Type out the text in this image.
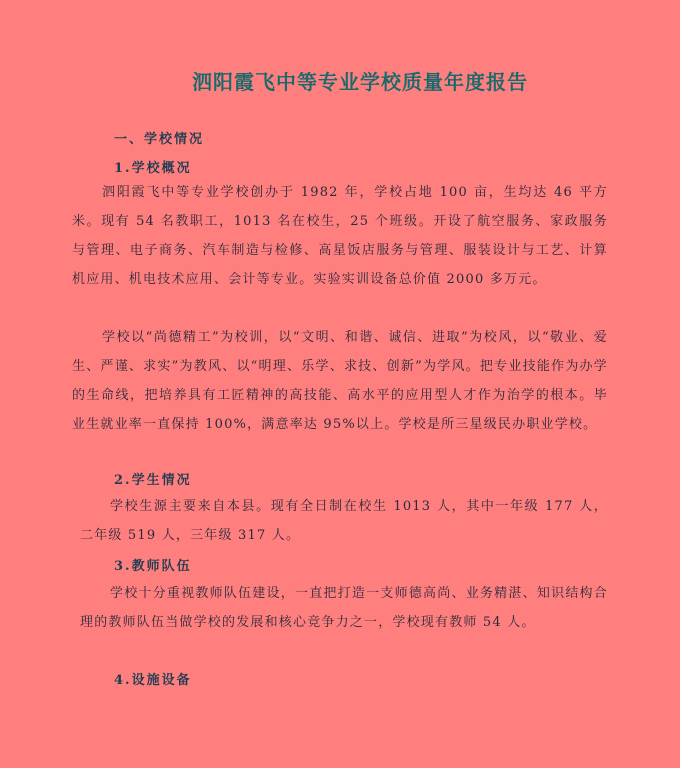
泗阳霞飞中等专业学校质量年度报告
一、学校情况
1.学校概况

泗阳霞飞中等专业学校创办于 1982 年，学校占地 100 亩，生均达 46 平方米。现有 54 名教职工，1013 名在校生，25 个班级。开设了航空服务、家政服务与管理、电子商务、汽车制造与检修、高星饭店服务与管理、服装设计与工艺、计算机应用、机电技术应用、会计等专业。实验实训设备总价值 2000 多万元。

学校以“尚德精工”为校训，以“文明、和谐、诚信、进取”为校风，以“敬业、爱生、严谨、求实”为教风、以“明理、乐学、求技、创新”为学风。把专业技能作为办学的生命线，把培养具有工匠精神的高技能、高水平的应用型人才作为治学的根本。毕业生就业率一直保持 100%，满意率达 95%以上。学校是所三星级民办职业学校。

2.学生情况

学校生源主要来自本县。现有全日制在校生 1013 人，其中一年级 177 人，二年级 519 人，三年级 317 人。

3.教师队伍

学校十分重视教师队伍建设，一直把打造一支师德高尚、业务精湛、知识结构合理的教师队伍当做学校的发展和核心竞争力之一，学校现有教师 54 人。

4.设施设备
